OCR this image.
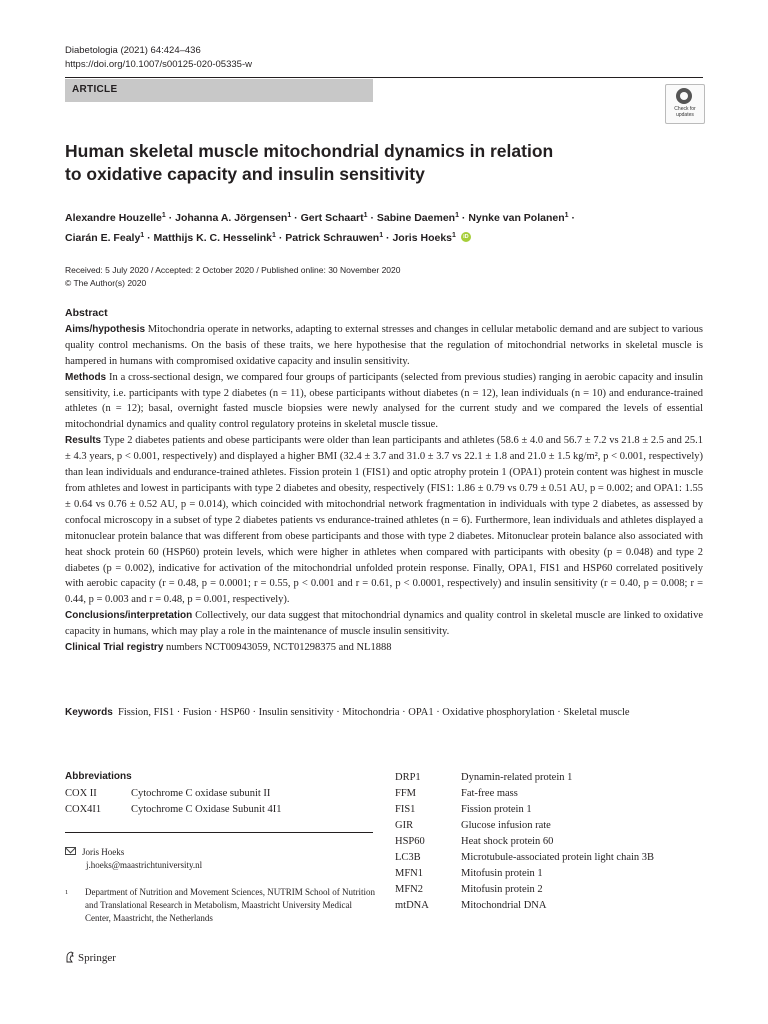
Diabetologia (2021) 64:424–436
https://doi.org/10.1007/s00125-020-05335-w
ARTICLE
Check for
updates
Human skeletal muscle mitochondrial dynamics in relation
to oxidative capacity and insulin sensitivity
Alexandre Houzelle$^1$ · Johanna A. Jörgensen$^1$ · Gert Schaart$^1$ · Sabine Daemen$^1$ · Nynke van Polanen$^1$ ·
Ciarán E. Fealy$^1$ · Matthijs K. C. Hesselink$^1$ · Patrick Schrauwen$^1$ · Joris Hoeks$^1$ iD
Received: 5 July 2020 / Accepted: 2 October 2020 / Published online: 30 November 2020
© The Author(s) 2020
Abstract

Aims/hypothesis Mitochondria operate in networks, adapting to external stresses and changes in cellular metabolic demand and are subject to various quality control mechanisms. On the basis of these traits, we here hypothesise that the regulation of mitochondrial networks in skeletal muscle is hampered in humans with compromised oxidative capacity and insulin sensitivity.

Methods In a cross-sectional design, we compared four groups of participants (selected from previous studies) ranging in aerobic capacity and insulin sensitivity, i.e. participants with type 2 diabetes (n = 11), obese participants without diabetes (n = 12), lean individuals (n = 10) and endurance-trained athletes (n = 12); basal, overnight fasted muscle biopsies were newly analysed for the current study and we compared the levels of essential mitochondrial dynamics and quality control regulatory proteins in skeletal muscle tissue.

Results Type 2 diabetes patients and obese participants were older than lean participants and athletes (58.6 ± 4.0 and 56.7 ± 7.2 vs 21.8 ± 2.5 and 25.1 ± 4.3 years, p < 0.001, respectively) and displayed a higher BMI (32.4 ± 3.7 and 31.0 ± 3.7 vs 22.1 ± 1.8 and 21.0 ± 1.5 kg/m², p < 0.001, respectively) than lean individuals and endurance-trained athletes. Fission protein 1 (FIS1) and optic atrophy protein 1 (OPA1) protein content was highest in muscle from athletes and lowest in participants with type 2 diabetes and obesity, respectively (FIS1: 1.86 ± 0.79 vs 0.79 ± 0.51 AU, p = 0.002; and OPA1: 1.55 ± 0.64 vs 0.76 ± 0.52 AU, p = 0.014), which coincided with mitochondrial network fragmentation in individuals with type 2 diabetes, as assessed by confocal microscopy in a subset of type 2 diabetes patients vs endurance-trained athletes (n = 6). Furthermore, lean individuals and athletes displayed a mitonuclear protein balance that was different from obese participants and those with type 2 diabetes. Mitonuclear protein balance also associated with heat shock protein 60 (HSP60) protein levels, which were higher in athletes when compared with participants with obesity (p = 0.048) and type 2 diabetes (p = 0.002), indicative for activation of the mitochondrial unfolded protein response. Finally, OPA1, FIS1 and HSP60 correlated positively with aerobic capacity (r = 0.48, p = 0.0001; r = 0.55, p < 0.001 and r = 0.61, p < 0.0001, respectively) and insulin sensitivity (r = 0.40, p = 0.008; r = 0.44, p = 0.003 and r = 0.48, p = 0.001, respectively).

Conclusions/interpretation Collectively, our data suggest that mitochondrial dynamics and quality control in skeletal muscle are linked to oxidative capacity in humans, which may play a role in the maintenance of muscle insulin sensitivity.

Clinical Trial registry numbers NCT00943059, NCT01298375 and NL1888

Keywords Fission, FIS1 · Fusion · HSP60 · Insulin sensitivity · Mitochondria · OPA1 · Oxidative phosphorylation · Skeletal muscle
Abbreviations
COX II	Cytochrome C oxidase subunit II
COX4I1	Cytochrome C Oxidase Subunit 4I1
DRP1	Dynamin-related protein 1
FFM	Fat-free mass
FIS1	Fission protein 1
GIR	Glucose infusion rate
HSP60	Heat shock protein 60
LC3B	Microtubule-associated protein light chain 3B
MFN1	Mitofusin protein 1
MFN2	Mitofusin protein 2
mtDNA	Mitochondrial DNA
Joris Hoeks
j.hoeks@maastrichtuniversity.nl
1	Department of Nutrition and Movement Sciences, NUTRIM School of Nutrition and Translational Research in Metabolism, Maastricht University Medical Center, Maastricht, the Netherlands
Springer
